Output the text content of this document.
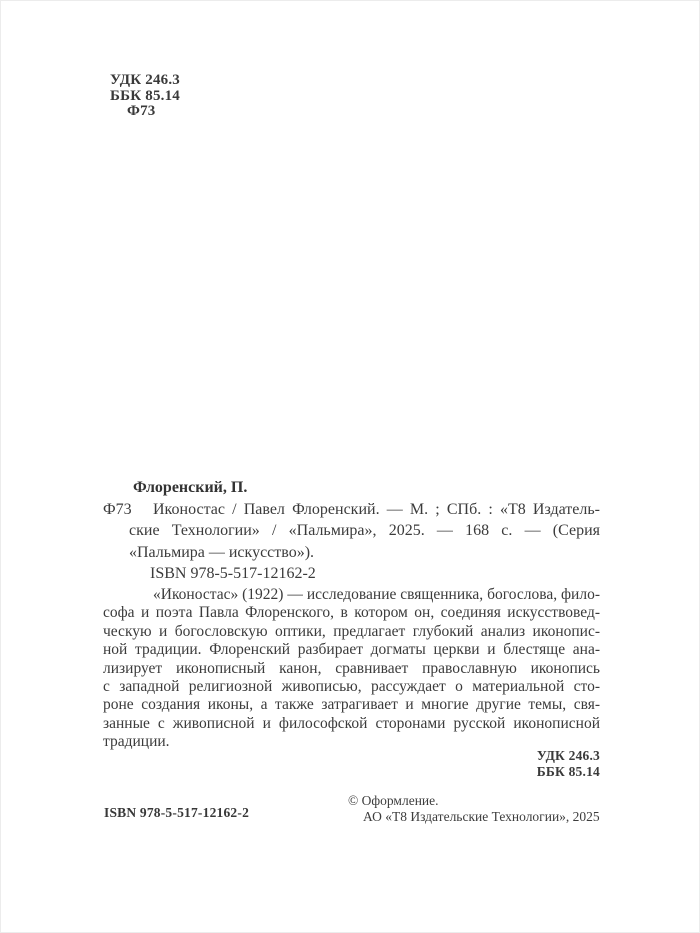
УДК 246.3
ББК 85.14
Ф73
Флоренский, П.
Ф73 Иконостас / Павел Флоренский. — М. ; СПб. : «Т8 Издатель-
ские Технологии» / «Пальмира», 2025. — 168 с. — (Серия
«Пальмира — искусство»).
ISBN 978-5-517-12162-2
«Иконостас» (1922) — исследование священника, богослова, фило-
софа и поэта Павла Флоренского, в котором он, соединяя искусствовед-
ческую и богословскую оптики, предлагает глубокий анализ иконопис-
ной традиции. Флоренский разбирает догматы церкви и блестяще ана-
лизирует иконописный канон, сравнивает православную иконопись
с западной религиозной живописью, рассуждает о материальной сто-
роне создания иконы, а также затрагивает и многие другие темы, свя-
занные с живописной и философской сторонами русской иконописной
традиции.
УДК 246.3
ББК 85.14
ISBN 978-5-517-12162-2
© Оформление.
АО «Т8 Издательские Технологии», 2025
